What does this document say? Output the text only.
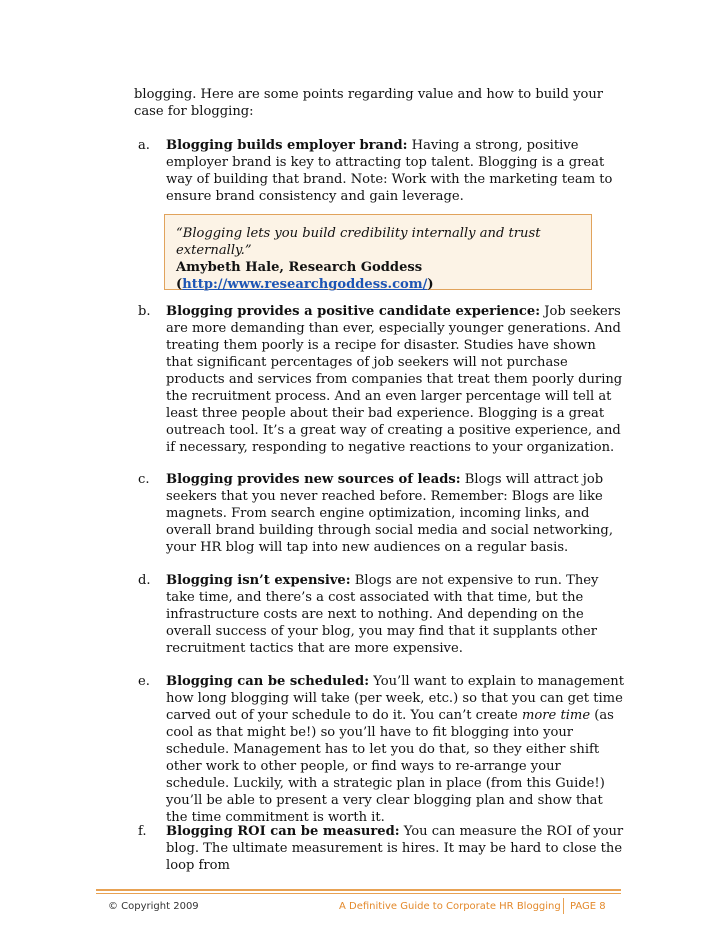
blogging. Here are some points regarding value and how to build your case for blogging:

a.	Blogging builds employer brand: Having a strong, positive employer brand is key to attracting top talent. Blogging is a great way of building that brand. Note: Work with the marketing team to ensure brand consistency and gain leverage.

“Blogging lets you build credibility internally and trust externally.”
Amybeth Hale, Research Goddess
(http://www.researchgoddess.com/)

b.	Blogging provides a positive candidate experience: Job seekers are more demanding than ever, especially younger generations. And treating them poorly is a recipe for disaster. Studies have shown that significant percentages of job seekers will not purchase products and services from companies that treat them poorly during the recruitment process. And an even larger percentage will tell at least three people about their bad experience. Blogging is a great outreach tool. It’s a great way of creating a positive experience, and if necessary, responding to negative reactions to your organization.

c.	Blogging provides new sources of leads: Blogs will attract job seekers that you never reached before. Remember: Blogs are like magnets. From search engine optimization, incoming links, and overall brand building through social media and social networking, your HR blog will tap into new audiences on a regular basis.

d.	Blogging isn’t expensive: Blogs are not expensive to run. They take time, and there’s a cost associated with that time, but the infrastructure costs are next to nothing. And depending on the overall success of your blog, you may find that it supplants other recruitment tactics that are more expensive.

e.	Blogging can be scheduled: You’ll want to explain to management how long blogging will take (per week, etc.) so that you can get time carved out of your schedule to do it. You can’t create more time (as cool as that might be!) so you’ll have to fit blogging into your schedule. Management has to let you do that, so they either shift other work to other people, or find ways to re-arrange your schedule. Luckily, with a strategic plan in place (from this Guide!) you’ll be able to present a very clear blogging plan and show that the time commitment is worth it.

f.	Blogging ROI can be measured: You can measure the ROI of your blog. The ultimate measurement is hires. It may be hard to close the loop from

© Copyright 2009	A Definitive Guide to Corporate HR Blogging PAGE 8
